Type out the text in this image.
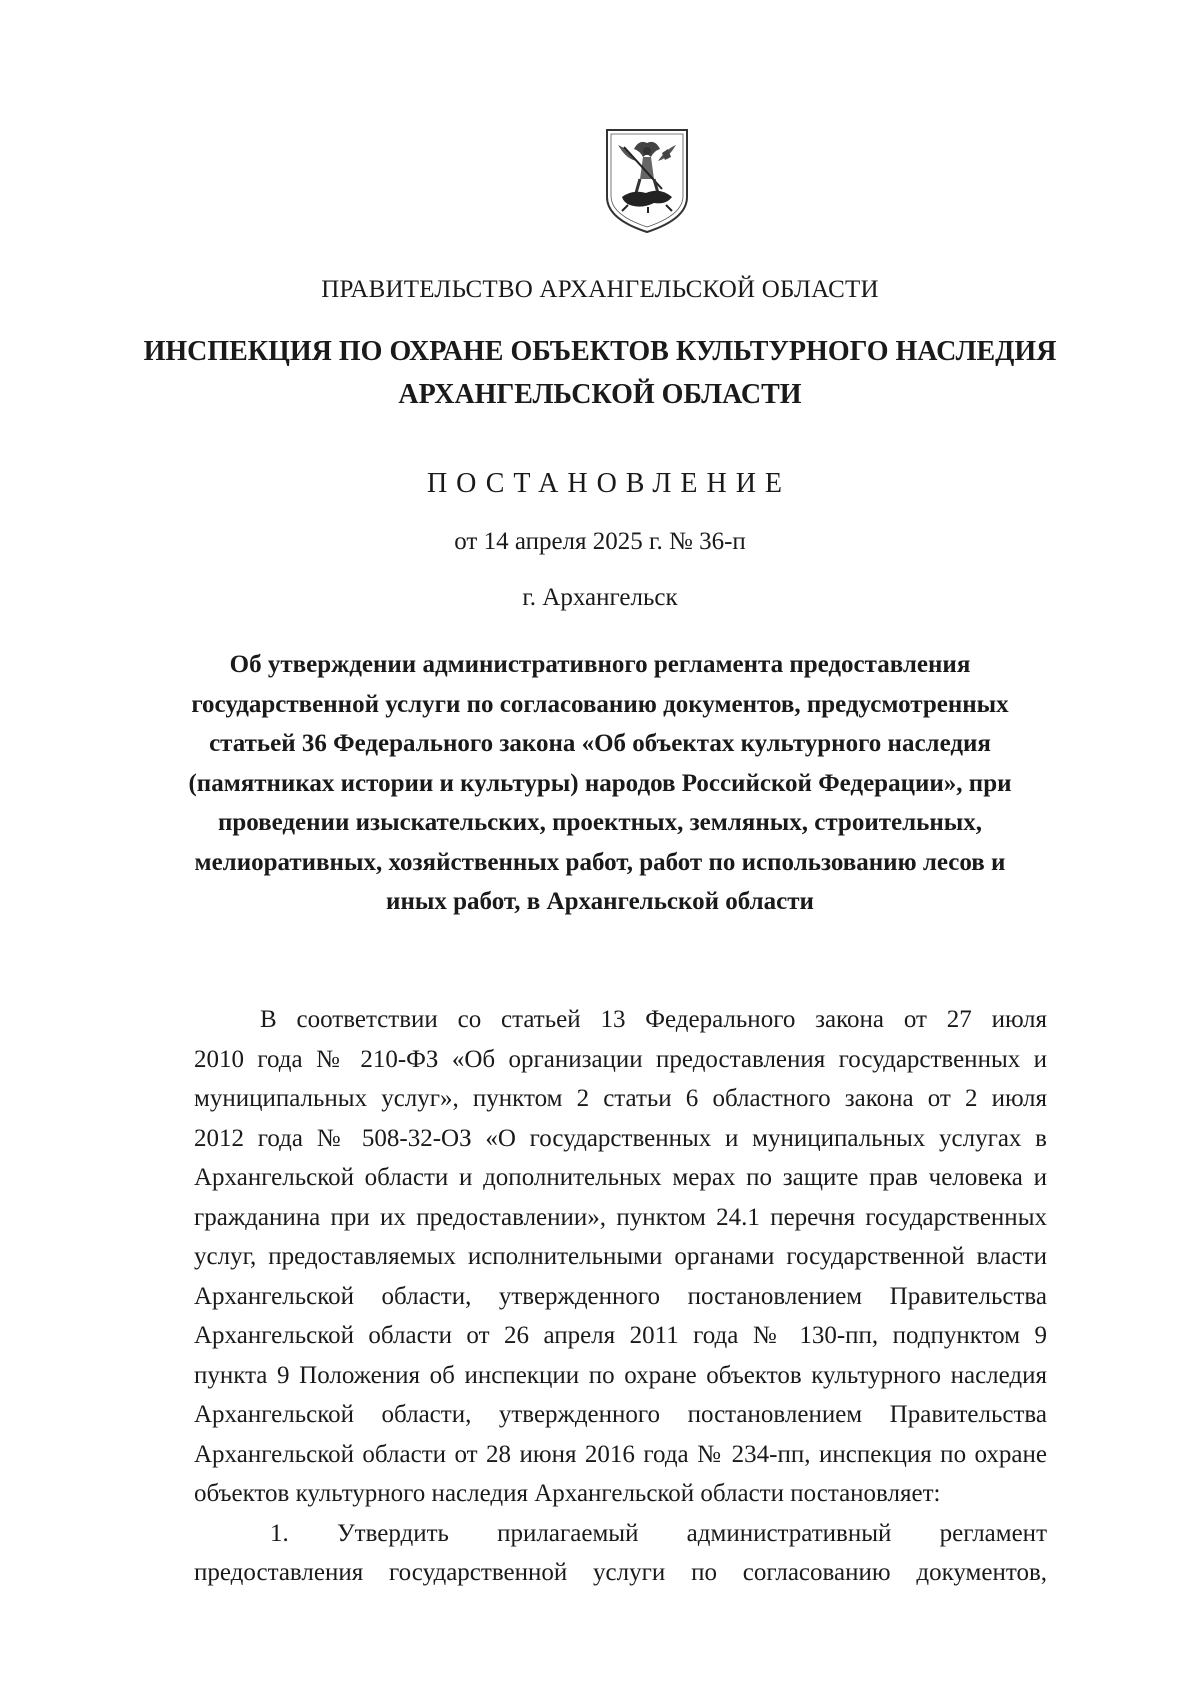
ПРАВИТЕЛЬСТВО АРХАНГЕЛЬСКОЙ ОБЛАСТИ
ИНСПЕКЦИЯ ПО ОХРАНЕ ОБЪЕКТОВ КУЛЬТУРНОГО НАСЛЕДИЯ
АРХАНГЕЛЬСКОЙ ОБЛАСТИ
ПОСТАНОВЛЕНИЕ
от 14 апреля 2025 г. № 36-п
г. Архангельск
Об утверждении административного регламента предоставления
государственной услуги по согласованию документов, предусмотренных
статьей 36 Федерального закона «Об объектах культурного наследия
(памятниках истории и культуры) народов Российской Федерации», при
проведении изыскательских, проектных, земляных, строительных,
мелиоративных, хозяйственных работ, работ по использованию лесов и
иных работ, в Архангельской области
В соответствии со статьей 13 Федерального закона от 27 июля
2010 года № 210-ФЗ «Об организации предоставления государственных и
муниципальных услуг», пунктом 2 статьи 6 областного закона от 2 июля
2012 года № 508-32-ОЗ «О государственных и муниципальных услугах в
Архангельской области и дополнительных мерах по защите прав человека и
гражданина при их предоставлении», пунктом 24.1 перечня государственных
услуг, предоставляемых исполнительными органами государственной власти
Архангельской области, утвержденного постановлением Правительства
Архангельской области от 26 апреля 2011 года № 130-пп, подпунктом 9
пункта 9 Положения об инспекции по охране объектов культурного наследия
Архангельской области, утвержденного постановлением Правительства
Архангельской области от 28 июня 2016 года № 234-пп, инспекция по охране
объектов культурного наследия Архангельской области постановляет:
1. Утвердить прилагаемый административный регламент
предоставления государственной услуги по согласованию документов,
